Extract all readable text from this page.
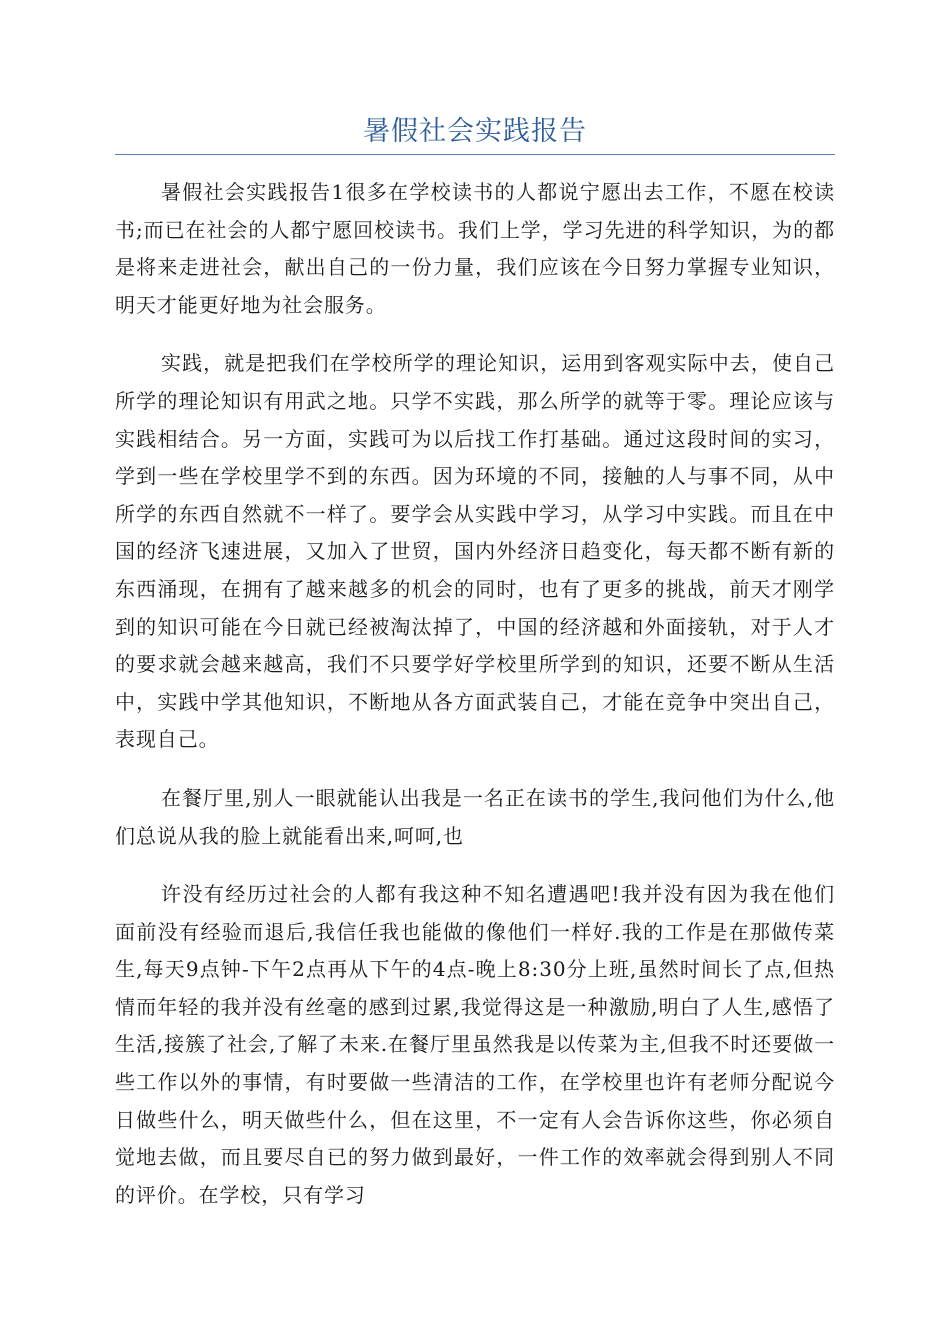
暑假社会实践报告

暑假社会实践报告1很多在学校读书的人都说宁愿出去工作，不愿在校读书;而已在社会的人都宁愿回校读书。我们上学，学习先进的科学知识，为的都是将来走进社会，献出自己的一份力量，我们应该在今日努力掌握专业知识，明天才能更好地为社会服务。

实践，就是把我们在学校所学的理论知识，运用到客观实际中去，使自己所学的理论知识有用武之地。只学不实践，那么所学的就等于零。理论应该与实践相结合。另一方面，实践可为以后找工作打基础。通过这段时间的实习，学到一些在学校里学不到的东西。因为环境的不同，接触的人与事不同，从中所学的东西自然就不一样了。要学会从实践中学习，从学习中实践。而且在中国的经济飞速进展，又加入了世贸，国内外经济日趋变化，每天都不断有新的东西涌现，在拥有了越来越多的机会的同时，也有了更多的挑战，前天才刚学到的知识可能在今日就已经被淘汰掉了，中国的经济越和外面接轨，对于人才的要求就会越来越高，我们不只要学好学校里所学到的知识，还要不断从生活中，实践中学其他知识，不断地从各方面武装自己，才能在竞争中突出自己，表现自己。

在餐厅里,别人一眼就能认出我是一名正在读书的学生,我问他们为什么,他们总说从我的脸上就能看出来,呵呵,也

许没有经历过社会的人都有我这种不知名遭遇吧!我并没有因为我在他们面前没有经验而退后,我信任我也能做的像他们一样好.我的工作是在那做传菜生,每天9点钟-下午2点再从下午的4点-晚上8:30分上班,虽然时间长了点,但热情而年轻的我并没有丝毫的感到过累,我觉得这是一种激励,明白了人生,感悟了生活,接簇了社会,了解了未来.在餐厅里虽然我是以传菜为主,但我不时还要做一些工作以外的事情，有时要做一些清洁的工作，在学校里也许有老师分配说今日做些什么，明天做些什么，但在这里，不一定有人会告诉你这些，你必须自觉地去做，而且要尽自已的努力做到最好，一件工作的效率就会得到别人不同的评价。在学校，只有学习
